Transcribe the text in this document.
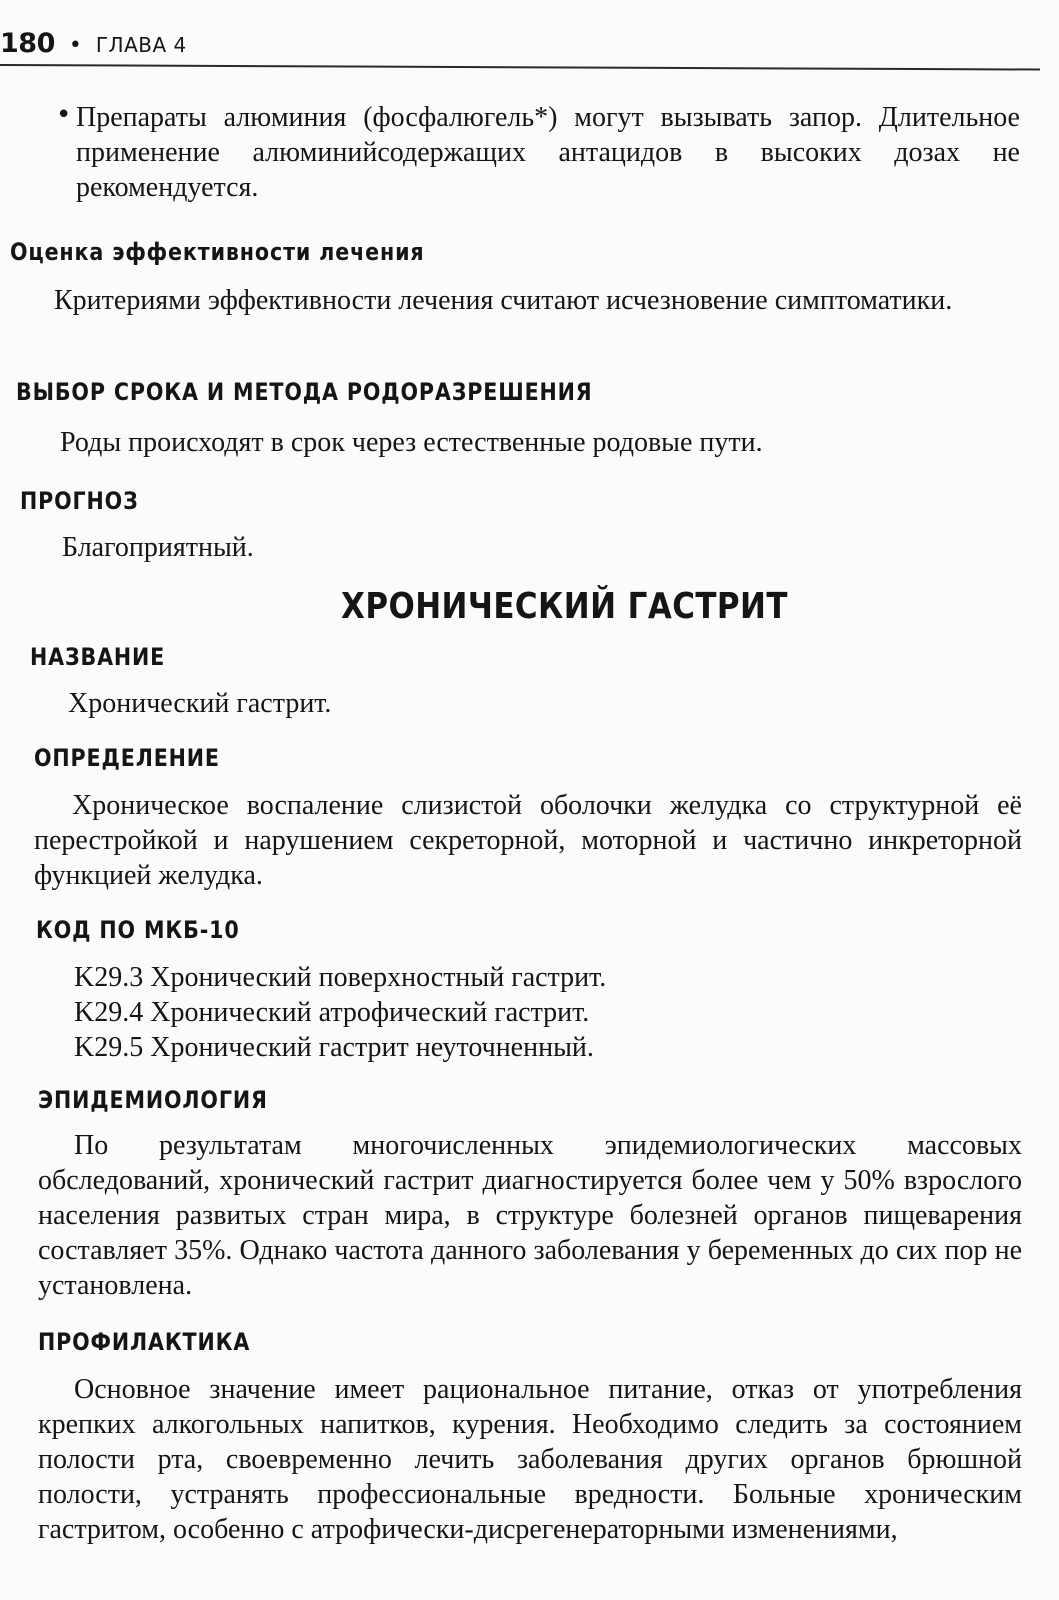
180 • ГЛАВА 4
• Препараты алюминия (фосфалюгель*) могут вызывать запор. Длительное применение алюминийсодержащих антацидов в высоких дозах не рекомендуется.

Оценка эффективности лечения

Критериями эффективности лечения считают исчезновение симптоматики.

ВЫБОР СРОКА И МЕТОДА РОДОРАЗРЕШЕНИЯ

Роды происходят в срок через естественные родовые пути.

ПРОГНОЗ

Благоприятный.

ХРОНИЧЕСКИЙ ГАСТРИТ
НАЗВАНИЕ

Хронический гастрит.

ОПРЕДЕЛЕНИЕ

Хроническое воспаление слизистой оболочки желудка со структурной её перестройкой и нарушением секреторной, моторной и частично инкреторной функцией желудка.

КОД ПО МКБ-10
K29.3 Хронический поверхностный гастрит.
K29.4 Хронический атрофический гастрит.
K29.5 Хронический гастрит неуточненный.
ЭПИДЕМИОЛОГИЯ

По результатам многочисленных эпидемиологических массовых обследований, хронический гастрит диагностируется более чем у 50% взрослого населения развитых стран мира, в структуре болезней органов пищеварения составляет 35%. Однако частота данного заболевания у беременных до сих пор не установлена.

ПРОФИЛАКТИКА

Основное значение имеет рациональное питание, отказ от употребления крепких алкогольных напитков, курения. Необходимо следить за состоянием полости рта, своевременно лечить заболевания других органов брюшной полости, устранять профессиональные вредности. Больные хроническим гастритом, особенно с атрофически-дисрегенераторными изменениями,
